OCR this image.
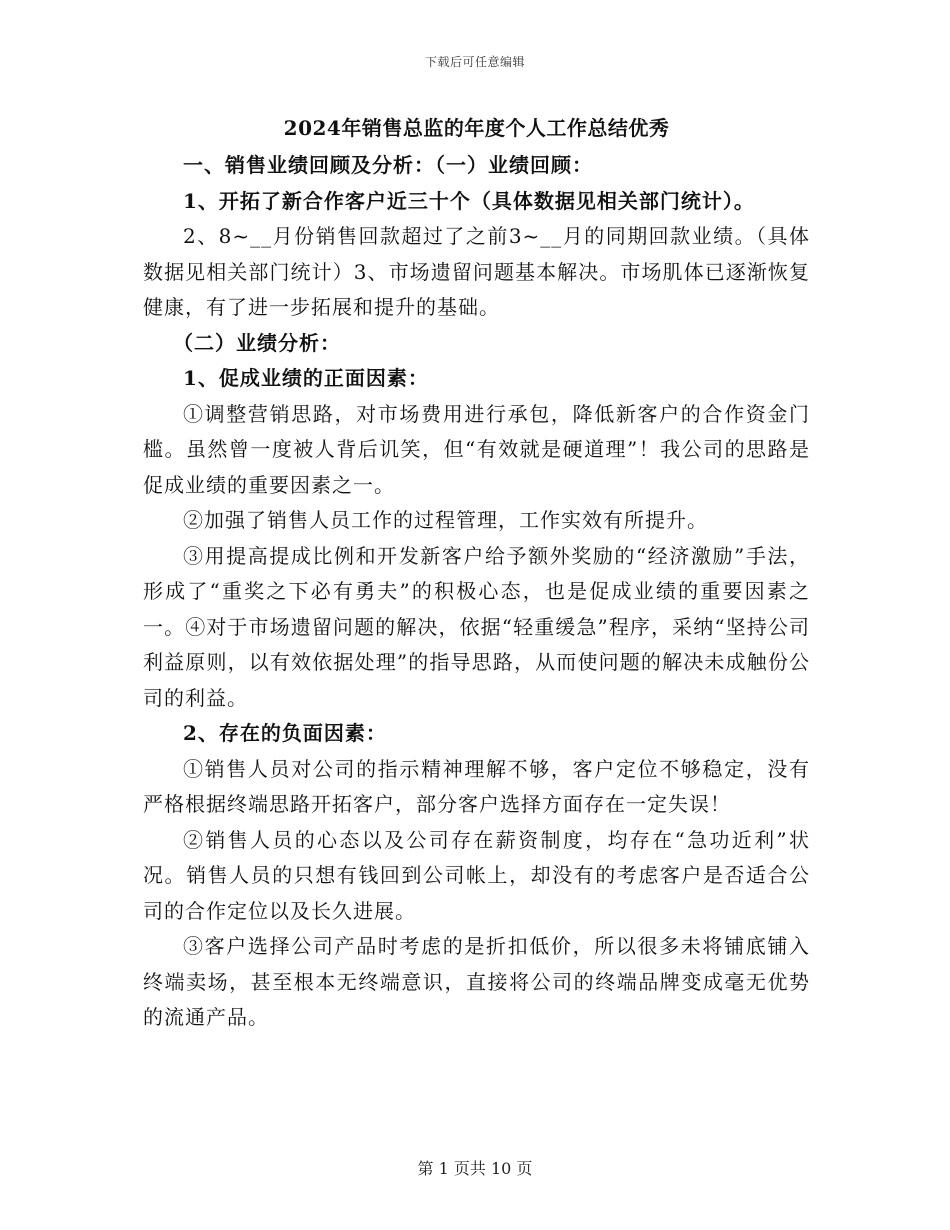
下载后可任意编辑
2024年销售总监的年度个人工作总结优秀

一、销售业绩回顾及分析：（一）业绩回顾：

1、开拓了新合作客户近三十个（具体数据见相关部门统计）。

2、8~__月份销售回款超过了之前3~__月的同期回款业绩。（具体数据见相关部门统计）3、市场遗留问题基本解决。市场肌体已逐渐恢复健康，有了进一步拓展和提升的基础。

（二）业绩分析：

1、促成业绩的正面因素：

①调整营销思路，对市场费用进行承包，降低新客户的合作资金门槛。虽然曾一度被人背后讥笑，但“有效就是硬道理”！我公司的思路是促成业绩的重要因素之一。

②加强了销售人员工作的过程管理，工作实效有所提升。

③用提高提成比例和开发新客户给予额外奖励的“经济激励”手法，形成了“重奖之下必有勇夫”的积极心态，也是促成业绩的重要因素之一。④对于市场遗留问题的解决，依据“轻重缓急”程序，采纳“坚持公司利益原则，以有效依据处理”的指导思路，从而使问题的解决未成触份公司的利益。

2、存在的负面因素：

①销售人员对公司的指示精神理解不够，客户定位不够稳定，没有严格根据终端思路开拓客户，部分客户选择方面存在一定失误！

②销售人员的心态以及公司存在薪资制度，均存在“急功近利”状况。销售人员的只想有钱回到公司帐上，却没有的考虑客户是否适合公司的合作定位以及长久进展。

③客户选择公司产品时考虑的是折扣低价，所以很多未将铺底铺入终端卖场，甚至根本无终端意识，直接将公司的终端品牌变成毫无优势的流通产品。

第 1 页共 10 页
